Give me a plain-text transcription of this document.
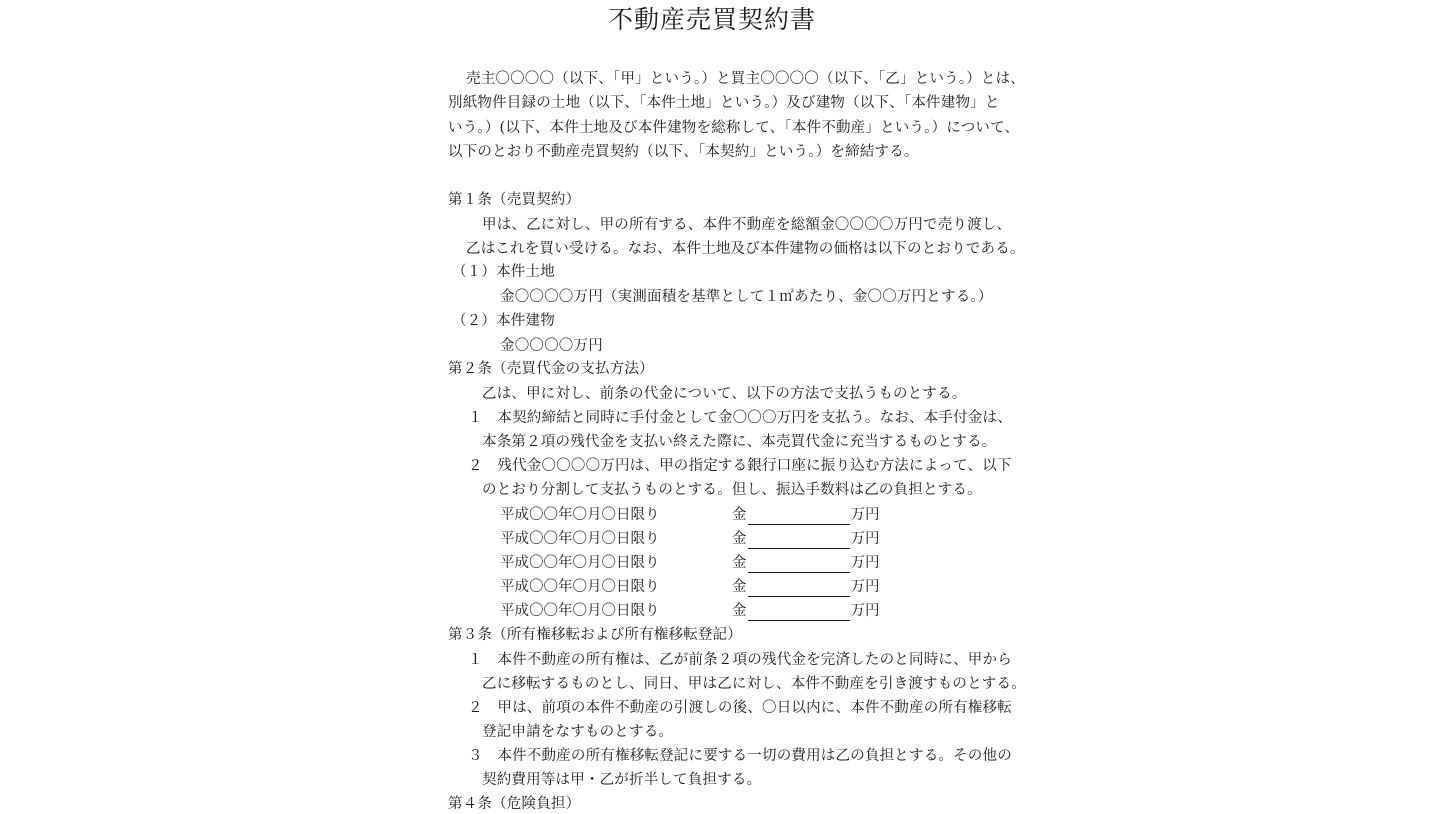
不動産売買契約書
売主〇〇〇〇（以下、「甲」という。）と買主〇〇〇〇（以下、「乙」という。）とは、
別紙物件目録の土地（以下、「本件土地」という。）及び建物（以下、「本件建物」と
いう。）(以下、本件土地及び本件建物を総称して、「本件不動産」という。）について、
以下のとおり不動産売買契約（以下、「本契約」という。）を締結する。
第１条（売買契約）
甲は、乙に対し、甲の所有する、本件不動産を総額金〇〇〇〇万円で売り渡し、
乙はこれを買い受ける。なお、本件土地及び本件建物の価格は以下のとおりである。
（１）本件土地
金〇〇〇〇万円（実測面積を基準として１㎡あたり、金〇〇万円とする。）
（２）本件建物
金〇〇〇〇万円
第２条（売買代金の支払方法）
乙は、甲に対し、前条の代金について、以下の方法で支払うものとする。
１　本契約締結と同時に手付金として金〇〇〇万円を支払う。なお、本手付金は、
本条第２項の残代金を支払い終えた際に、本売買代金に充当するものとする。
２　残代金〇〇〇〇万円は、甲の指定する銀行口座に振り込む方法によって、以下
のとおり分割して支払うものとする。但し、振込手数料は乙の負担とする。
平成〇〇年〇月〇日限り	金	万円
平成〇〇年〇月〇日限り	金	万円
平成〇〇年〇月〇日限り	金	万円
平成〇〇年〇月〇日限り	金	万円
平成〇〇年〇月〇日限り	金	万円
第３条（所有権移転および所有権移転登記）
１　本件不動産の所有権は、乙が前条２項の残代金を完済したのと同時に、甲から
乙に移転するものとし、同日、甲は乙に対し、本件不動産を引き渡すものとする。
２　甲は、前項の本件不動産の引渡しの後、〇日以内に、本件不動産の所有権移転
登記申請をなすものとする。
３　本件不動産の所有権移転登記に要する一切の費用は乙の負担とする。その他の
契約費用等は甲・乙が折半して負担する。
第４条（危険負担）
